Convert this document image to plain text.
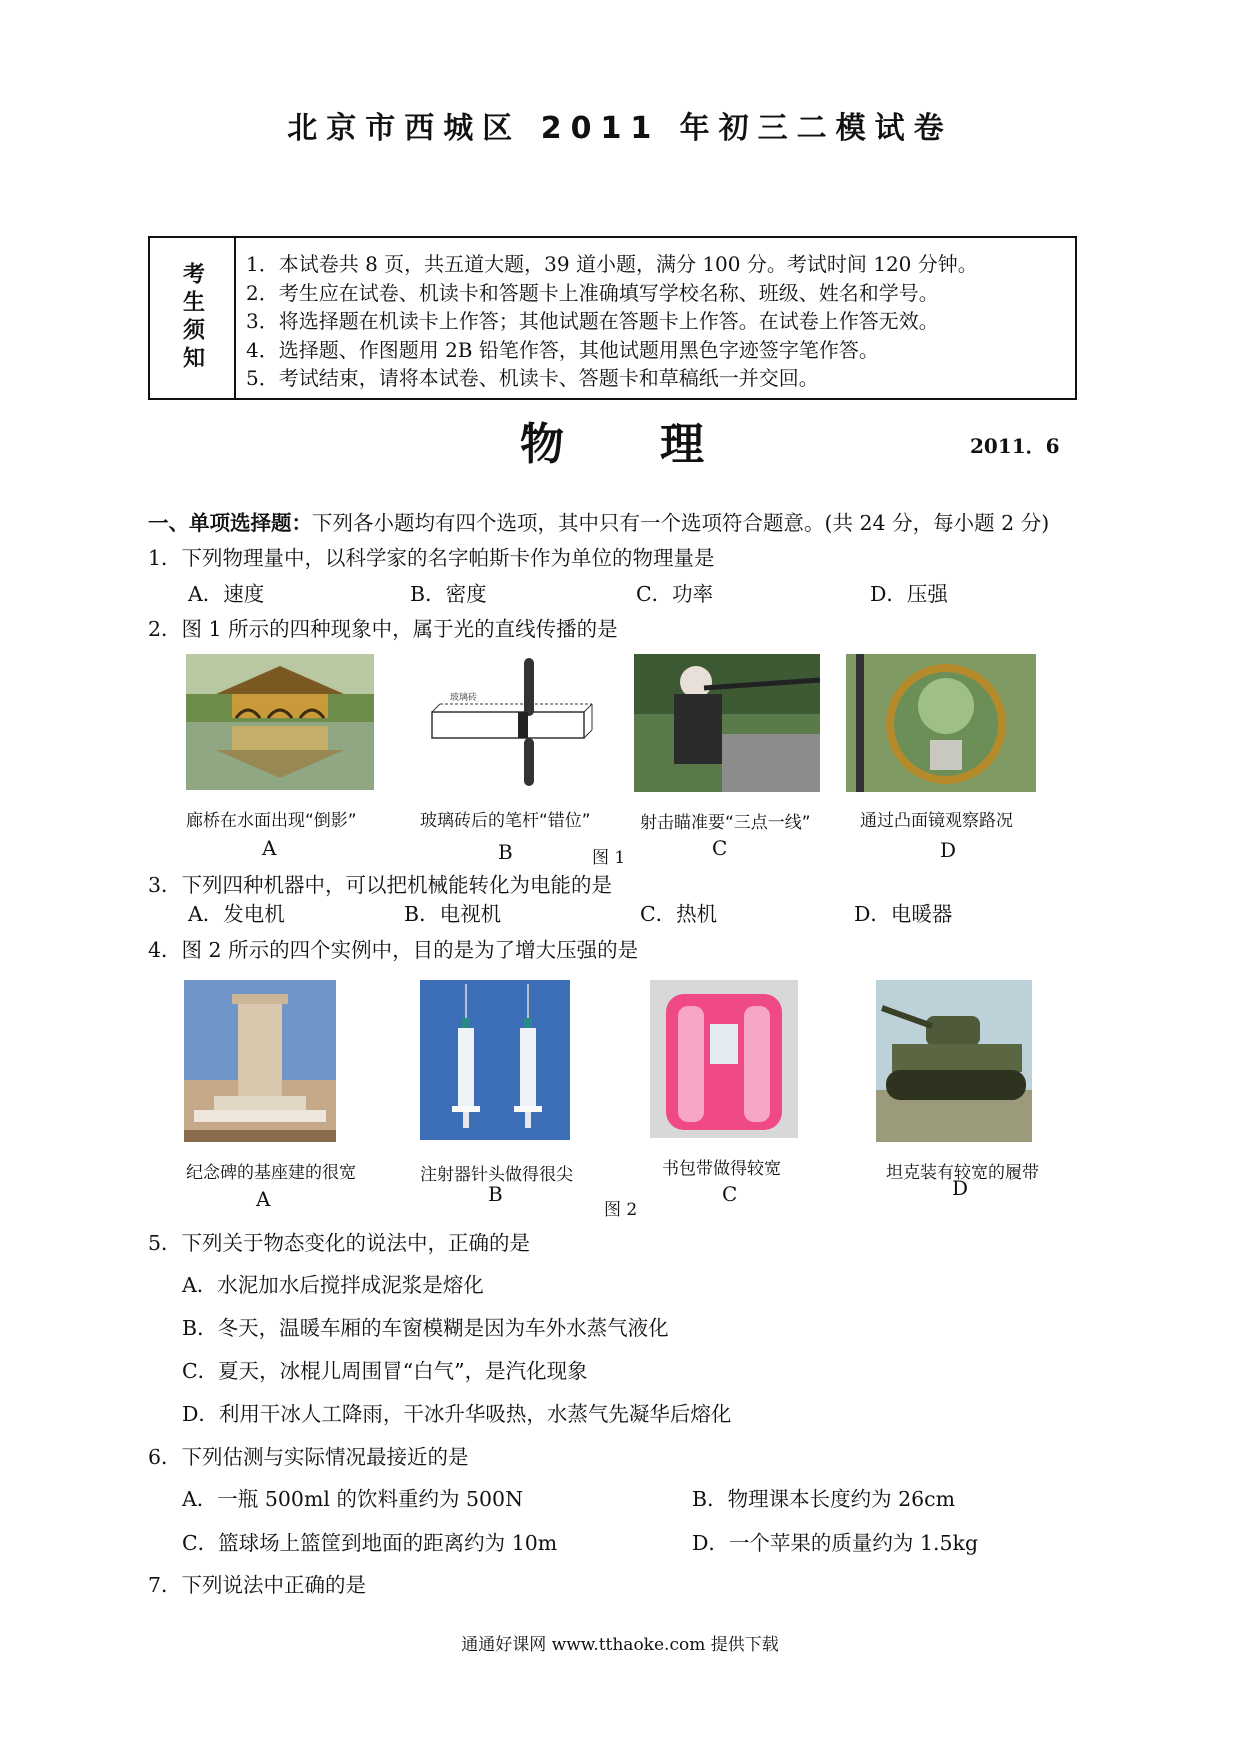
北京市西城区 2011 年初三二模试卷
考生须知 1．本试卷共 8 页，共五道大题，39 道小题，满分 100 分。考试时间 120 分钟。
2．考生应在试卷、机读卡和答题卡上准确填写学校名称、班级、姓名和学号。
3．将选择题在机读卡上作答；其他试题在答题卡上作答。在试卷上作答无效。
4．选择题、作图题用 2B 铅笔作答，其他试题用黑色字迹签字笔作答。
5．考试结束，请将本试卷、机读卡、答题卡和草稿纸一并交回。
物理	2011．6
一、单项选择题：下列各小题均有四个选项，其中只有一个选项符合题意。(共 24 分，每小题 2 分)
1．下列物理量中，以科学家的名字帕斯卡作为单位的物理量是
A．速度	B．密度	C．功率	D．压强
2．图 1 所示的四种现象中，属于光的直线传播的是
玻璃砖
廊桥在水面出现“倒影”	玻璃砖后的笔杆“错位”	射击瞄准要“三点一线”	通过凸面镜观察路况
A	B	图 1	C	D
3．下列四种机器中，可以把机械能转化为电能的是
A．发电机	B．电视机	C．热机	D．电暖器
4．图 2 所示的四个实例中，目的是为了增大压强的是
纪念碑的基座建的很宽	注射器针头做得很尖	书包带做得较宽	坦克装有较宽的履带
A	B
图 2
C	D
5．下列关于物态变化的说法中，正确的是
A．水泥加水后搅拌成泥浆是熔化
B．冬天，温暖车厢的车窗模糊是因为车外水蒸气液化
C．夏天，冰棍儿周围冒“白气”，是汽化现象
D．利用干冰人工降雨，干冰升华吸热，水蒸气先凝华后熔化
6．下列估测与实际情况最接近的是
A．一瓶 500ml 的饮料重约为 500N	B．物理课本长度约为 26cm
C．篮球场上篮筐到地面的距离约为 10m	D．一个苹果的质量约为 1.5kg
7．下列说法中正确的是
通通好课网 www.tthaoke.com 提供下载
